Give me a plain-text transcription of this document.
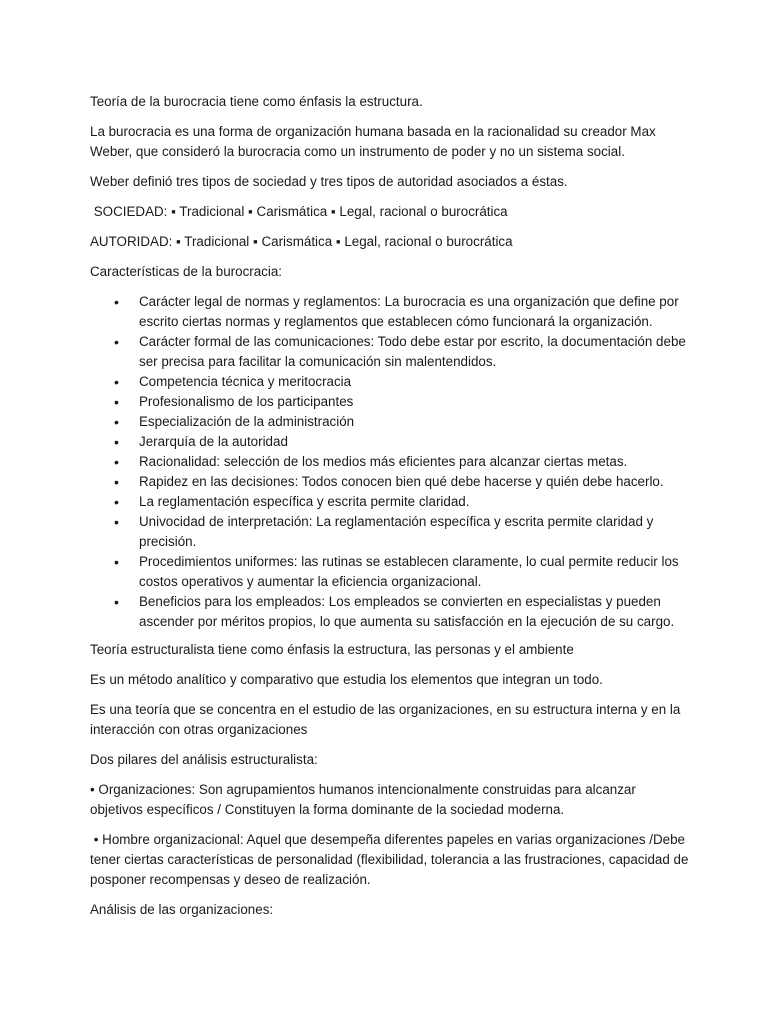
Teoría de la burocracia tiene como énfasis la estructura.

La burocracia es una forma de organización humana basada en la racionalidad su creador Max Weber, que consideró la burocracia como un instrumento de poder y no un sistema social.

Weber definió tres tipos de sociedad y tres tipos de autoridad asociados a éstas.

SOCIEDAD: ▪ Tradicional ▪ Carismática ▪ Legal, racional o burocrática

AUTORIDAD: ▪ Tradicional ▪ Carismática ▪ Legal, racional o burocrática

Características de la burocracia:

• Carácter legal de normas y reglamentos: La burocracia es una organización que define por escrito ciertas normas y reglamentos que establecen cómo funcionará la organización.
• Carácter formal de las comunicaciones: Todo debe estar por escrito, la documentación debe ser precisa para facilitar la comunicación sin malentendidos.
• Competencia técnica y meritocracia
• Profesionalismo de los participantes
• Especialización de la administración
• Jerarquía de la autoridad
• Racionalidad: selección de los medios más eficientes para alcanzar ciertas metas.
• Rapidez en las decisiones: Todos conocen bien qué debe hacerse y quién debe hacerlo.
• La reglamentación específica y escrita permite claridad.
• Univocidad de interpretación: La reglamentación específica y escrita permite claridad y precisión.
• Procedimientos uniformes: las rutinas se establecen claramente, lo cual permite reducir los costos operativos y aumentar la eficiencia organizacional.
• Beneficios para los empleados: Los empleados se convierten en especialistas y pueden ascender por méritos propios, lo que aumenta su satisfacción en la ejecución de su cargo.

Teoría estructuralista tiene como énfasis la estructura, las personas y el ambiente

Es un método analítico y comparativo que estudia los elementos que integran un todo.

Es una teoría que se concentra en el estudio de las organizaciones, en su estructura interna y en la interacción con otras organizaciones

Dos pilares del análisis estructuralista:

• Organizaciones: Son agrupamientos humanos intencionalmente construidas para alcanzar objetivos específicos / Constituyen la forma dominante de la sociedad moderna.

• Hombre organizacional: Aquel que desempeña diferentes papeles en varias organizaciones /Debe tener ciertas características de personalidad (flexibilidad, tolerancia a las frustraciones, capacidad de posponer recompensas y deseo de realización.

Análisis de las organizaciones:
